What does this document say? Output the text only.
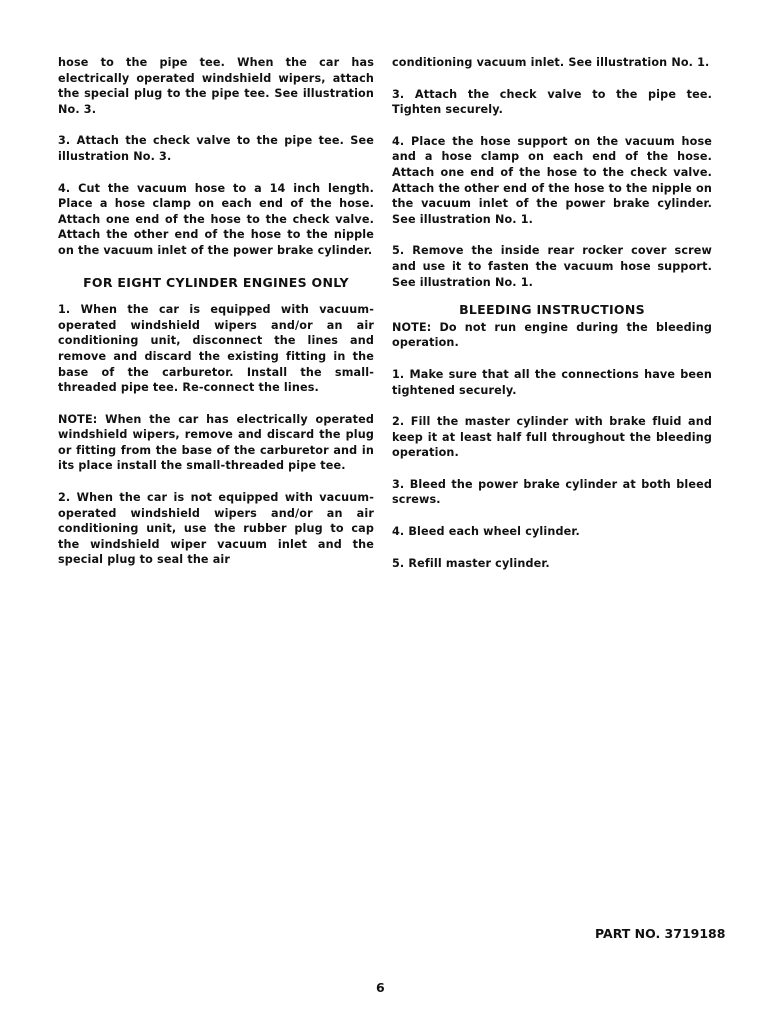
hose to the pipe tee. When the car has electrically operated windshield wipers, attach the special plug to the pipe tee. See illustration No. 3.

3. Attach the check valve to the pipe tee. See illustration No. 3.

4. Cut the vacuum hose to a 14 inch length. Place a hose clamp on each end of the hose. Attach one end of the hose to the check valve. Attach the other end of the hose to the nipple on the vacuum inlet of the power brake cylinder.

FOR EIGHT CYLINDER ENGINES ONLY

1. When the car is equipped with vacuum-operated windshield wipers and/or an air conditioning unit, disconnect the lines and remove and discard the existing fitting in the base of the carburetor. Install the small-threaded pipe tee. Re-connect the lines.

NOTE: When the car has electrically operated windshield wipers, remove and discard the plug or fitting from the base of the carburetor and in its place install the small-threaded pipe tee.

2. When the car is not equipped with vacuum-operated windshield wipers and/or an air conditioning unit, use the rubber plug to cap the windshield wiper vacuum inlet and the special plug to seal the air

conditioning vacuum inlet. See illustration No. 1.

3. Attach the check valve to the pipe tee. Tighten securely.

4. Place the hose support on the vacuum hose and a hose clamp on each end of the hose. Attach one end of the hose to the check valve. Attach the other end of the hose to the nipple on the vacuum inlet of the power brake cylinder. See illustration No. 1.

5. Remove the inside rear rocker cover screw and use it to fasten the vacuum hose support. See illustration No. 1.

BLEEDING INSTRUCTIONS

NOTE: Do not run engine during the bleeding operation.

1. Make sure that all the connections have been tightened securely.

2. Fill the master cylinder with brake fluid and keep it at least half full throughout the bleeding operation.

3. Bleed the power brake cylinder at both bleed screws.

4. Bleed each wheel cylinder.

5. Refill master cylinder.

PART NO. 3719188
6
